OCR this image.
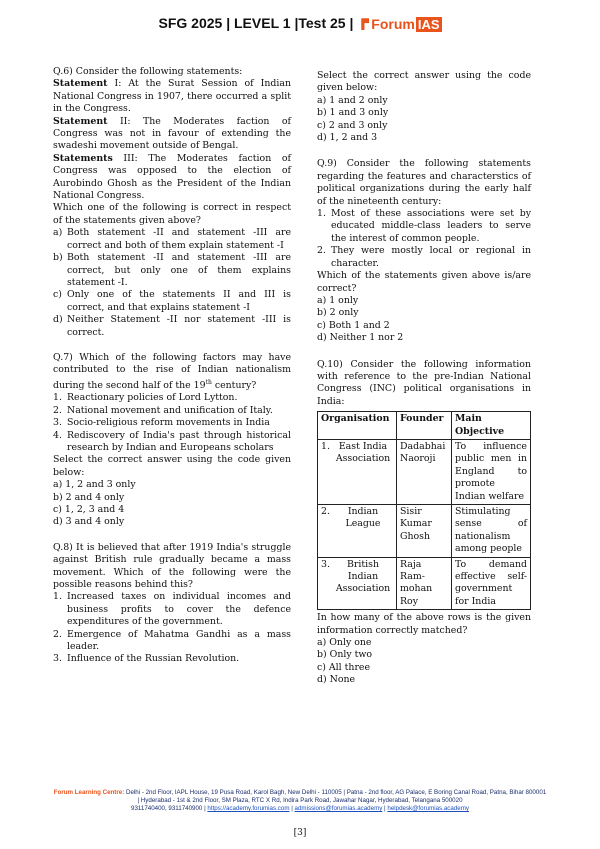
SFG 2025 | LEVEL 1 |Test 25 | Forum IAS

Q.6) Consider the following statements:

Statement I: At the Surat Session of Indian National Congress in 1907, there occurred a split in the Congress.

Statement II: The Moderates faction of Congress was not in favour of extending the swadeshi movement outside of Bengal.

Statements III: The Moderates faction of Congress was opposed to the election of Aurobindo Ghosh as the President of the Indian National Congress.

Which one of the following is correct in respect of the statements given above?

a) Both statement -II and statement -III are correct and both of them explain statement -I
b) Both statement -II and statement -III are correct, but only one of them explains statement -I.
c) Only one of the statements II and III is correct, and that explains statement -I
d) Neither Statement -II nor statement -III is correct.

Q.7) Which of the following factors may have contributed to the rise of Indian nationalism during the second half of the 19th century?

1. Reactionary policies of Lord Lytton.
2. National movement and unification of Italy.
3. Socio-religious reform movements in India
4. Rediscovery of India's past through historical research by Indian and Europeans scholars

Select the correct answer using the code given below:

a) 1, 2 and 3 only
b) 2 and 4 only
c) 1, 2, 3 and 4
d) 3 and 4 only

Q.8) It is believed that after 1919 India's struggle against British rule gradually became a mass movement. Which of the following were the possible reasons behind this?

1. Increased taxes on individual incomes and business profits to cover the defence expenditures of the government.
2. Emergence of Mahatma Gandhi as a mass leader.
3. Influence of the Russian Revolution.

Select the correct answer using the code given below:

a) 1 and 2 only
b) 1 and 3 only
c) 2 and 3 only
d) 1, 2 and 3

Q.9) Consider the following statements regarding the features and characterstics of political organizations during the early half of the nineteenth century:

1. Most of these associations were set by educated middle-class leaders to serve the interest of common people.
2. They were mostly local or regional in character.

Which of the statements given above is/are correct?

a) 1 only
b) 2 only
c) Both 1 and 2
d) Neither 1 nor 2

Q.10) Consider the following information with reference to the pre-Indian National Congress (INC) political organisations in India:

Organisation	Founder	Main Objective

1. East India Association	Dadabhai Naoroji	To influence public men in England to promote Indian welfare

2. Indian League	Sisir Kumar Ghosh	Stimulating sense of nationalism among people

3. British Indian Association	Raja Ram-mohan Roy	To demand effective self-government for India

In how many of the above rows is the given information correctly matched?

a) Only one
b) Only two
c) All three
d) None
Forum Learning Centre: Delhi - 2nd Floor, IAPL House, 19 Pusa Road, Karol Bagh, New Delhi - 110005 | Patna - 2nd floor, AG Palace, E Boring Canal Road, Patna, Bihar 800001 | Hyderabad - 1st & 2nd Floor, SM Plaza, RTC X Rd, Indira Park Road, Jawahar Nagar, Hyderabad, Telangana 500020
9311740400, 9311740900 | https://academy.forumias.com | admissions@forumias.academy | helpdesk@forumias.academy
[3]
